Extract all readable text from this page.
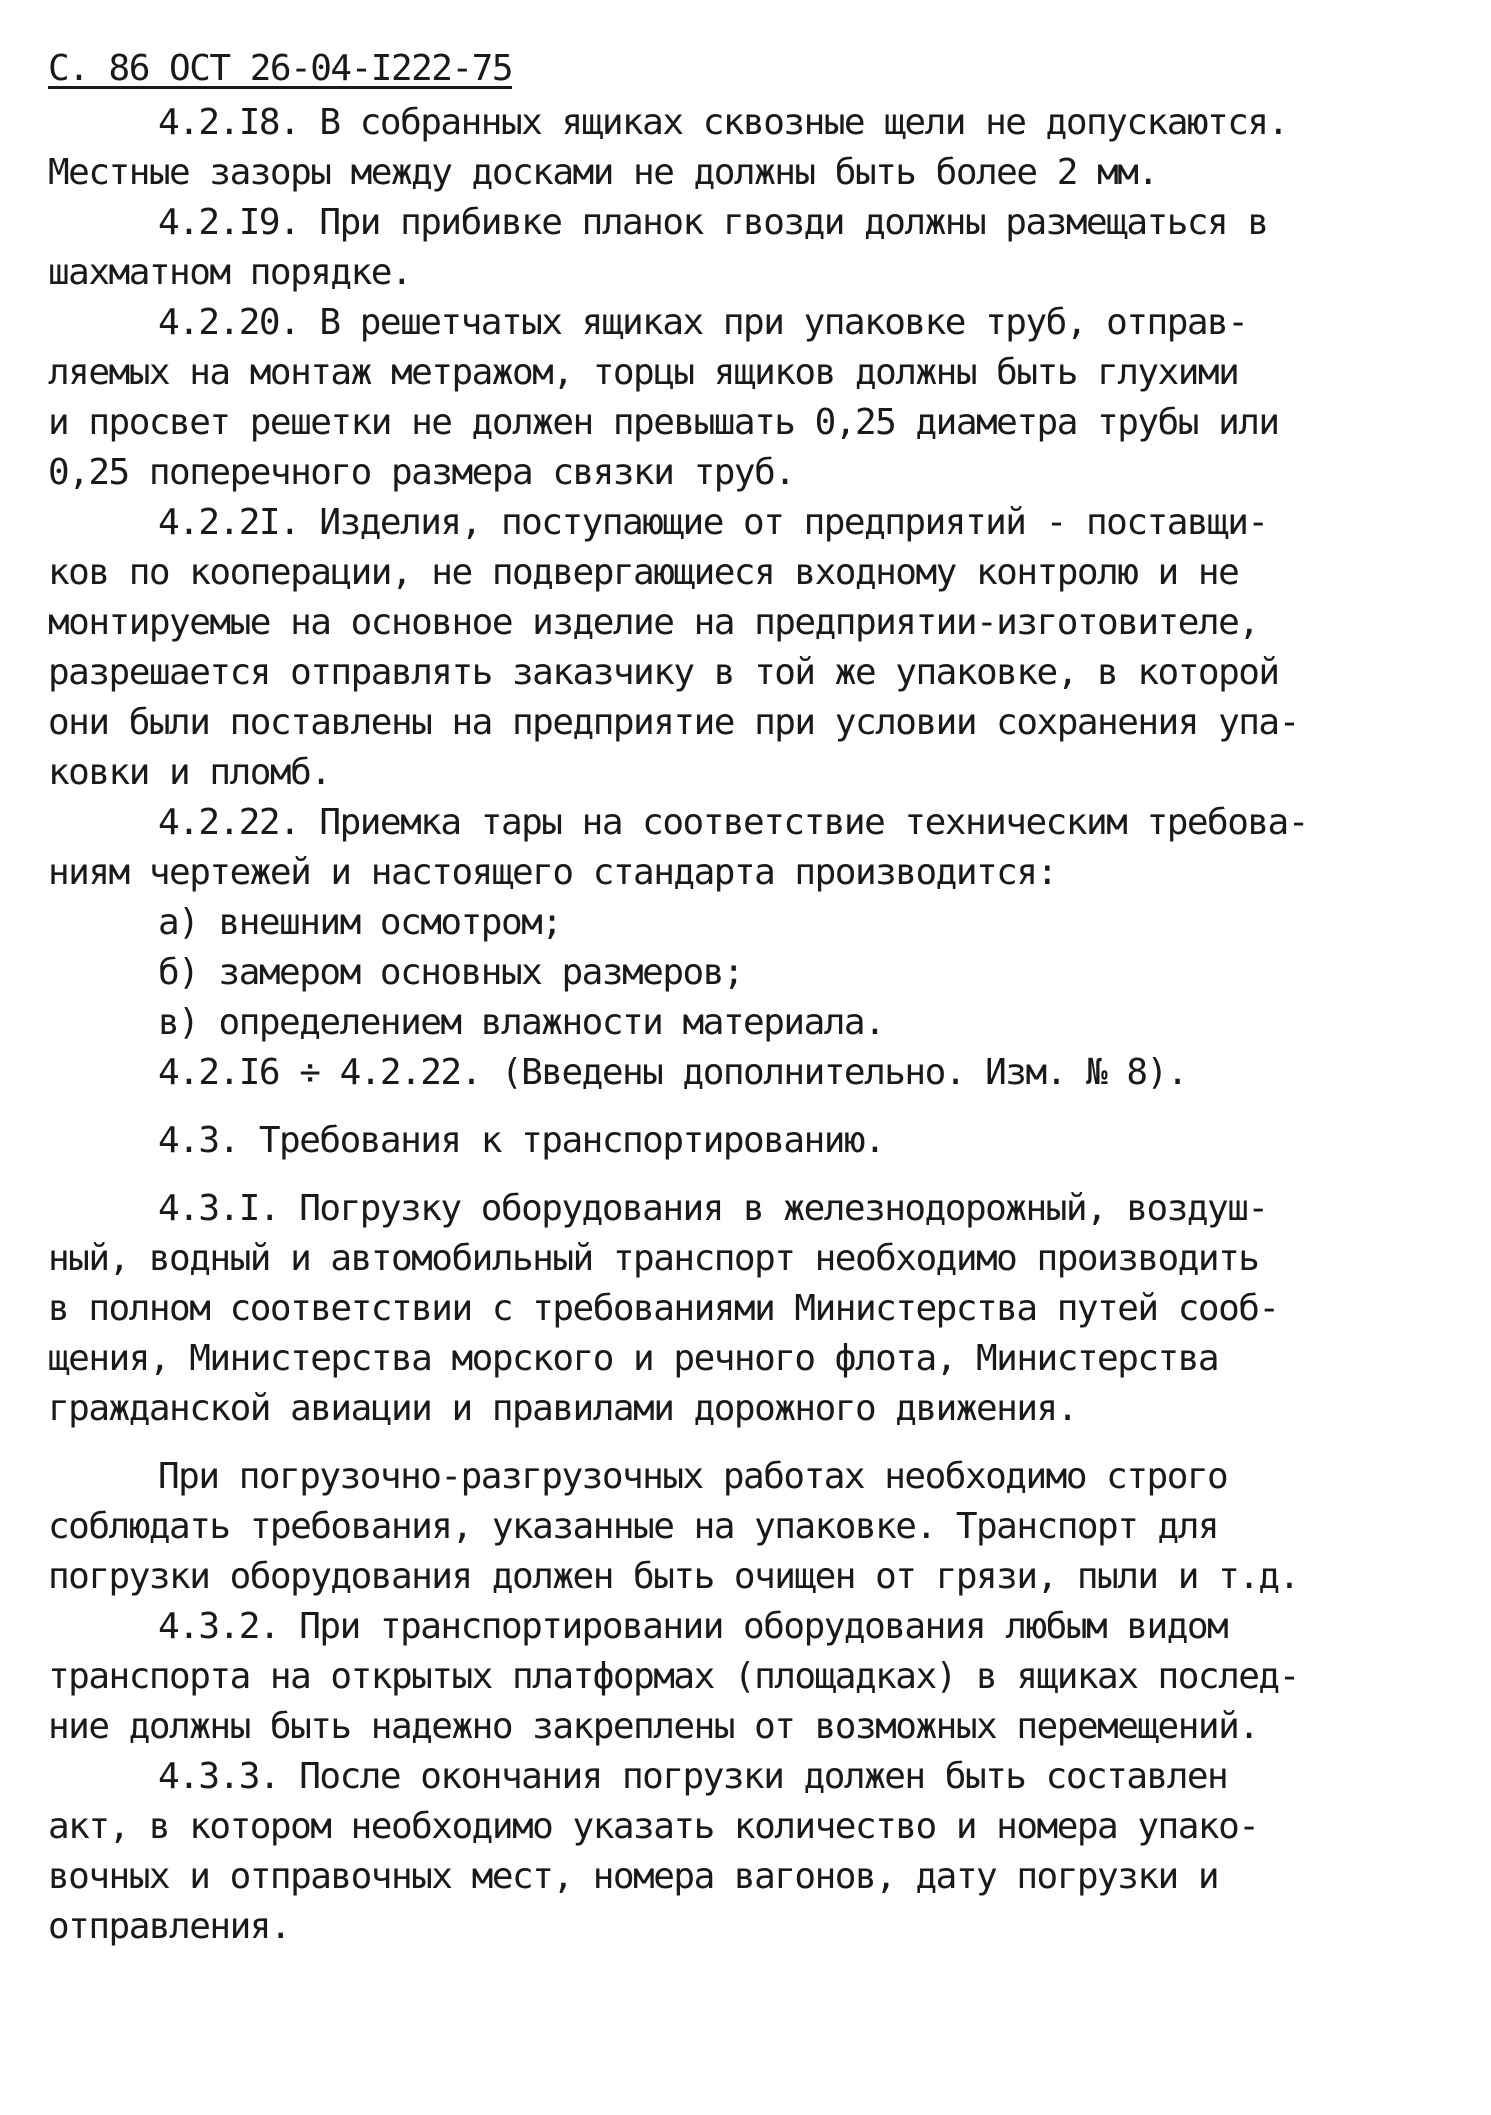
С. 86 ОСТ 26-04-I222-75
4.2.I8. В собранных ящиках сквозные щели не допускаются.
Местные зазоры между досками не должны быть более 2 мм.
4.2.I9. При прибивке планок гвозди должны размещаться в
шахматном порядке.
4.2.20. В решетчатых ящиках при упаковке труб, отправ-
ляемых на монтаж метражом, торцы ящиков должны быть глухими
и просвет решетки не должен превышать 0,25 диаметра трубы или
0,25 поперечного размера связки труб.
4.2.2I. Изделия, поступающие от предприятий - поставщи-
ков по кооперации, не подвергающиеся входному контролю и не
монтируемые на основное изделие на предприятии-изготовителе,
разрешается отправлять заказчику в той же упаковке, в которой
они были поставлены на предприятие при условии сохранения упа-
ковки и пломб.
4.2.22. Приемка тары на соответствие техническим требова-
ниям чертежей и настоящего стандарта производится:
а) внешним осмотром;
б) замером основных размеров;
в) определением влажности материала.
4.2.I6 ÷ 4.2.22. (Введены дополнительно. Изм. № 8).
4.3. Требования к транспортированию.
4.3.I. Погрузку оборудования в железнодорожный, воздуш-
ный, водный и автомобильный транспорт необходимо производить
в полном соответствии с требованиями Министерства путей сооб-
щения, Министерства морского и речного флота, Министерства
гражданской авиации и правилами дорожного движения.
При погрузочно-разгрузочных работах необходимо строго
соблюдать требования, указанные на упаковке. Транспорт для
погрузки оборудования должен быть очищен от грязи, пыли и т.д.
4.3.2. При транспортировании оборудования любым видом
транспорта на открытых платформах (площадках) в ящиках послед-
ние должны быть надежно закреплены от возможных перемещений.
4.3.3. После окончания погрузки должен быть составлен
акт, в котором необходимо указать количество и номера упако-
вочных и отправочных мест, номера вагонов, дату погрузки и
отправления.
